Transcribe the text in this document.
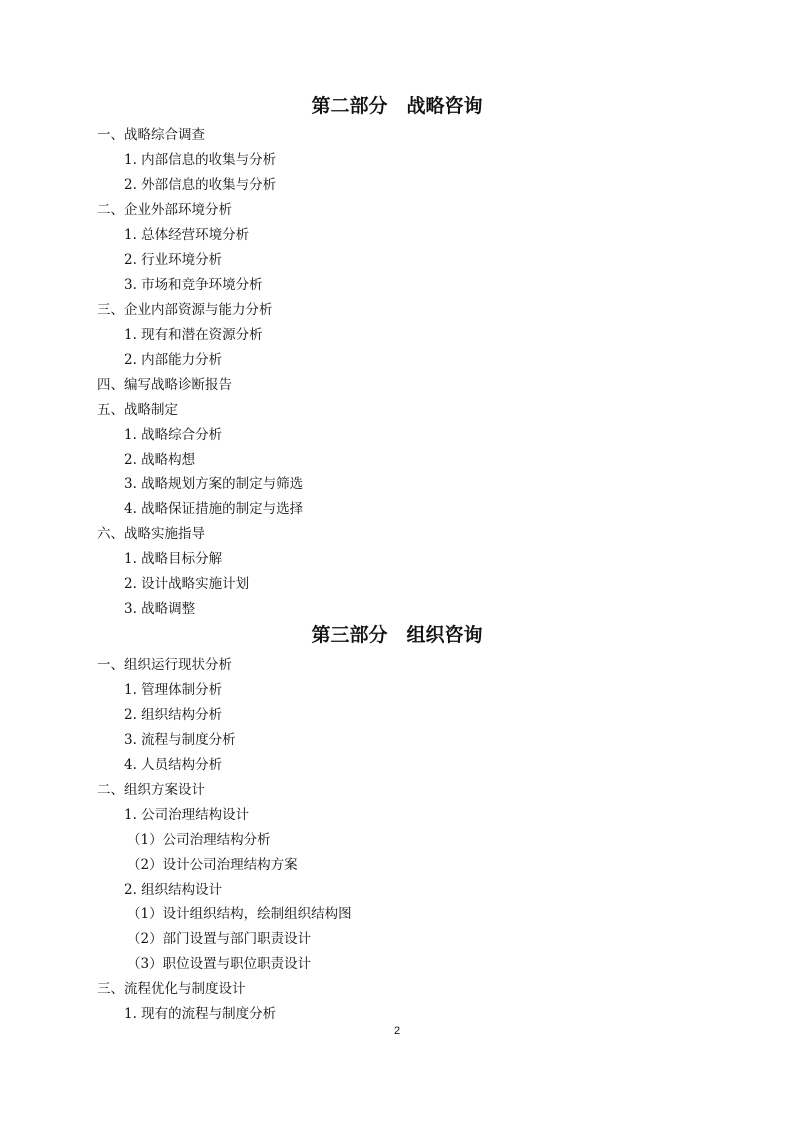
第二部分　战略咨询
一、战略综合调查
1. 内部信息的收集与分析
2. 外部信息的收集与分析
二、企业外部环境分析
1. 总体经营环境分析
2. 行业环境分析
3. 市场和竞争环境分析
三、企业内部资源与能力分析
1. 现有和潜在资源分析
2. 内部能力分析
四、编写战略诊断报告
五、战略制定
1. 战略综合分析
2. 战略构想
3. 战略规划方案的制定与筛选
4. 战略保证措施的制定与选择
六、战略实施指导
1. 战略目标分解
2. 设计战略实施计划
3. 战略调整
第三部分　组织咨询
一、组织运行现状分析
1. 管理体制分析
2. 组织结构分析
3. 流程与制度分析
4. 人员结构分析
二、组织方案设计
1. 公司治理结构设计
（1）公司治理结构分析
（2）设计公司治理结构方案
2. 组织结构设计
（1）设计组织结构，绘制组织结构图
（2）部门设置与部门职责设计
（3）职位设置与职位职责设计
三、流程优化与制度设计
1. 现有的流程与制度分析
2
